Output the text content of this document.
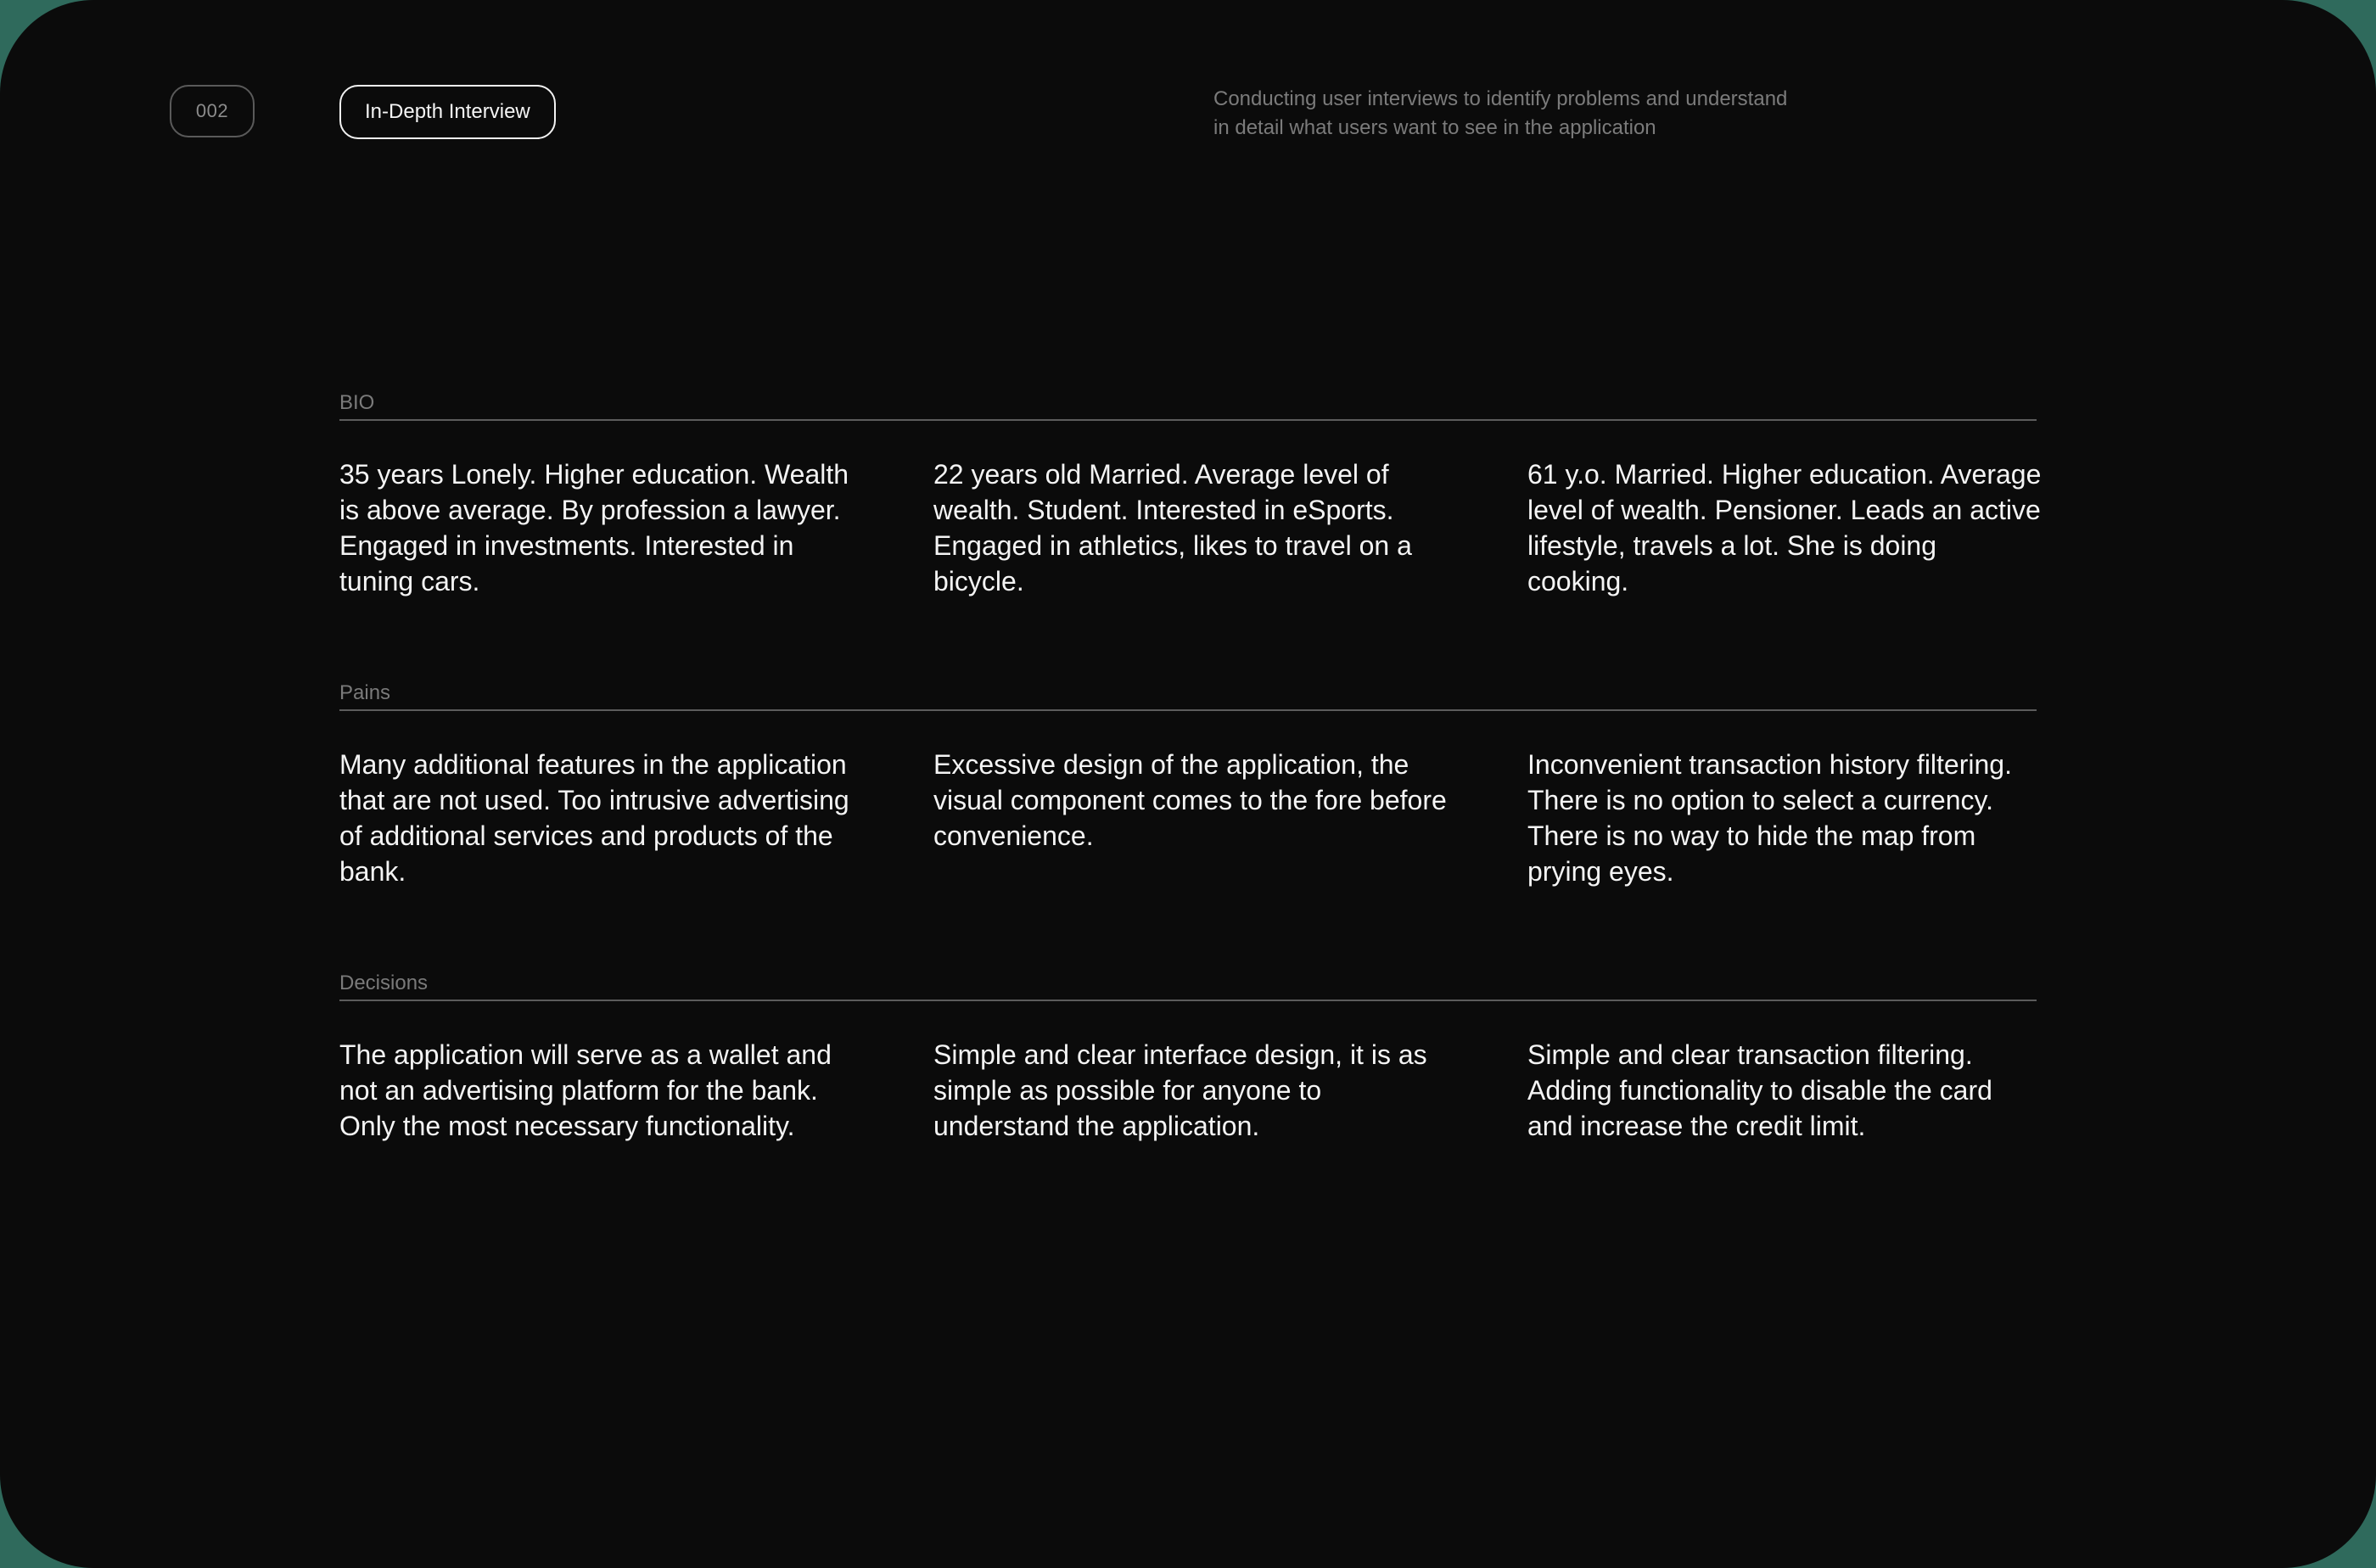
002	In-Depth Interview
Conducting user interviews to identify problems and understand
in detail what users want to see in the application
BIO
35 years Lonely. Higher education. Wealth is above average. By profession a lawyer. Engaged in investments. Interested in tuning cars.
22 years old Married. Average level of wealth. Student. Interested in eSports. Engaged in athletics, likes to travel on a bicycle.
61 y.o. Married. Higher education. Average level of wealth. Pensioner. Leads an active lifestyle, travels a lot. She is doing cooking.
Pains
Many additional features in the application that are not used. Too intrusive advertising of additional services and products of the bank.
Excessive design of the application, the visual component comes to the fore before convenience.
Inconvenient transaction history filtering. There is no option to select a currency. There is no way to hide the map from prying eyes.
Decisions
The application will serve as a wallet and not an advertising platform for the bank. Only the most necessary functionality.
Simple and clear interface design, it is as simple as possible for anyone to understand the application.
Simple and clear transaction filtering. Adding functionality to disable the card and increase the credit limit.
